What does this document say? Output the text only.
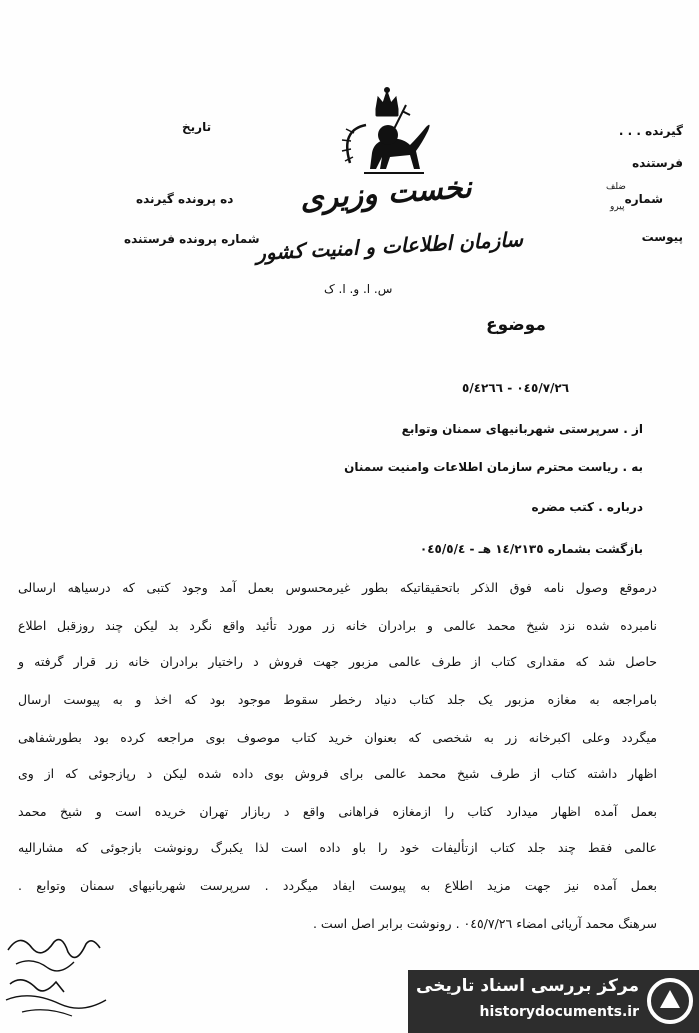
گیرنده . . .
فرستنده
شماره
ضلف
پیرو
پیوست
تاریخ
ده پرونده گیرنده
شماره پرونده فرستنده
نخست وزیری
سازمان اطلاعات و امنیت کشور
س. ا. و. ا. ک
موضوع
٠٤٥/٧/٢٦ - ٥/٤٢٦٦
از . سرپرستی شهربانیهای سمنان وتوابع
به . ریاست محترم سازمان اطلاعات وامنیت سمنان
درباره . کتب مضره
بازگشت بشماره ١٤/٢١٣٥ هـ - ٠٤٥/٥/٤
درموقع وصول نامه فوق الذکر باتحقیقاتیکه بطور غیرمحسوس بعمل آمد وجود کتبی که درسیاهه ارسالی
نامبرده شده نزد شیخ محمد عالمی و برادران خانه زر مورد تأئید واقع نگرد بد لیکن چند روزقبل اطلاع
حاصل شد که مقداری کتاب از طرف عالمی مزبور جهت فروش د راختیار برادران خانه زر قرار گرفته و
بامراجعه به مغازه مزبور یک جلد کتاب دنیاد رخطر سقوط موجود بود که اخذ و به پیوست ارسال
میگردد وعلی اکبرخانه زر به شخصی که بعنوان خرید کتاب موصوف بوی مراجعه کرده بود بطورشفاهی
اظهار داشته کتاب از طرف شیخ محمد عالمی برای فروش بوی داده شده لیکن د رپازجوئی که از وی
بعمل آمده اظهار میدارد کتاب را ازمغازه فراهانی واقع د ربازار تهران خریده است و شیخ محمد
عالمی فقط چند جلد کتاب ازتألیفات خود را باو داده است لذا یکبرگ رونوشت بازجوئی که مشارالیه
بعمل آمده نیز جهت مزید اطلاع به پیوست ایفاد میگردد . سرپرست شهربانیهای سمنان وتوابع .
سرهنگ محمد آریائی امضاء ٠٤٥/٧/٢٦ . رونوشت برابر اصل است .
مرکز بررسی اسناد تاریخی
historydocuments.ir
